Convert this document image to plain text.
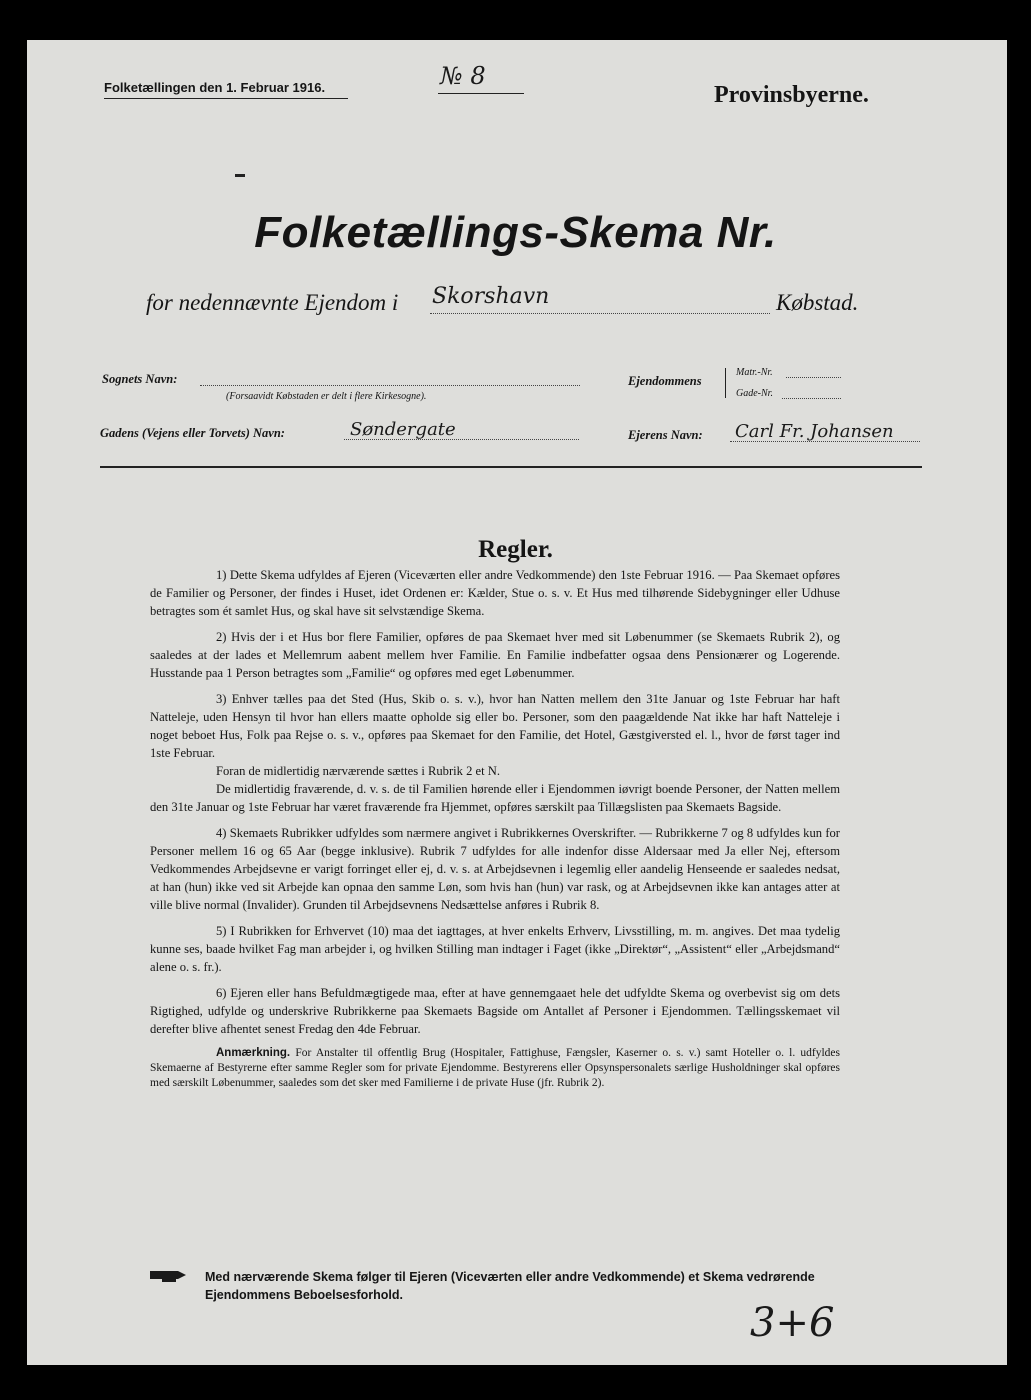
Folketællingen den 1. Februar 1916.	№ 8
Provinsbyerne.
Folketællings-Skema Nr.
for nedennævnte Ejendom i Skorshavn	Købstad.
Sognets Navn:
(Forsaavidt Købstaden er delt i flere Kirkesogne).
Ejendommens
Matr.-Nr.
Gade-Nr.
Gadens (Vejens eller Torvets) Navn:	Søndergate	Ejerens Navn: Carl Fr. Johansen
Regler.

1) Dette Skema udfyldes af Ejeren (Viceværten eller andre Vedkommende) den 1ste Februar 1916. — Paa Skemaet opføres de Familier og Personer, der findes i Huset, idet Ordenen er: Kælder, Stue o. s. v. Et Hus med tilhørende Sidebygninger eller Udhuse betragtes som ét samlet Hus, og skal have sit selvstændige Skema.

2) Hvis der i et Hus bor flere Familier, opføres de paa Skemaet hver med sit Løbenummer (se Skemaets Rubrik 2), og saaledes at der lades et Mellemrum aabent mellem hver Familie. En Familie indbefatter ogsaa dens Pensionærer og Logerende. Husstande paa 1 Person betragtes som „Familie“ og opføres med eget Løbenummer.

3) Enhver tælles paa det Sted (Hus, Skib o. s. v.), hvor han Natten mellem den 31te Januar og 1ste Februar har haft Natteleje, uden Hensyn til hvor han ellers maatte opholde sig eller bo. Personer, som den paagældende Nat ikke har haft Natteleje i noget beboet Hus, Folk paa Rejse o. s. v., opføres paa Skemaet for den Familie, det Hotel, Gæstgiversted el. l., hvor de først tager ind 1ste Februar.

Foran de midlertidig nærværende sættes i Rubrik 2 et N.

De midlertidig fraværende, d. v. s. de til Familien hørende eller i Ejendommen iøvrigt boende Personer, der Natten mellem den 31te Januar og 1ste Februar har været fraværende fra Hjemmet, opføres særskilt paa Tillægslisten paa Skemaets Bagside.

4) Skemaets Rubrikker udfyldes som nærmere angivet i Rubrikkernes Overskrifter. — Rubrikkerne 7 og 8 udfyldes kun for Personer mellem 16 og 65 Aar (begge inklusive). Rubrik 7 udfyldes for alle indenfor disse Aldersaar med Ja eller Nej, eftersom Vedkommendes Arbejdsevne er varigt forringet eller ej, d. v. s. at Arbejdsevnen i legemlig eller aandelig Henseende er saaledes nedsat, at han (hun) ikke ved sit Arbejde kan opnaa den samme Løn, som hvis han (hun) var rask, og at Arbejdsevnen ikke kan antages atter at ville blive normal (Invalider). Grunden til Arbejdsevnens Nedsættelse anføres i Rubrik 8.

5) I Rubrikken for Erhvervet (10) maa det iagttages, at hver enkelts Erhverv, Livsstilling, m. m. angives. Det maa tydelig kunne ses, baade hvilket Fag man arbejder i, og hvilken Stilling man indtager i Faget (ikke „Direktør“, „Assistent“ eller „Arbejdsmand“ alene o. s. fr.).

6) Ejeren eller hans Befuldmægtigede maa, efter at have gennemgaaet hele det udfyldte Skema og overbevist sig om dets Rigtighed, udfylde og underskrive Rubrikkerne paa Skemaets Bagside om Antallet af Personer i Ejendommen. Tællingsskemaet vil derefter blive afhentet senest Fredag den 4de Februar.

Anmærkning. For Anstalter til offentlig Brug (Hospitaler, Fattighuse, Fængsler, Kaserner o. s. v.) samt Hoteller o. l. udfyldes Skemaerne af Bestyrerne efter samme Regler som for private Ejendomme. Bestyrerens eller Opsynspersonalets særlige Husholdninger skal opføres med særskilt Løbenummer, saaledes som det sker med Familierne i de private Huse (jfr. Rubrik 2).

Med nærværende Skema følger til Ejeren (Viceværten eller andre Vedkommende) et Skema vedrørende Ejendommens Beboelsesforhold.
3+6
